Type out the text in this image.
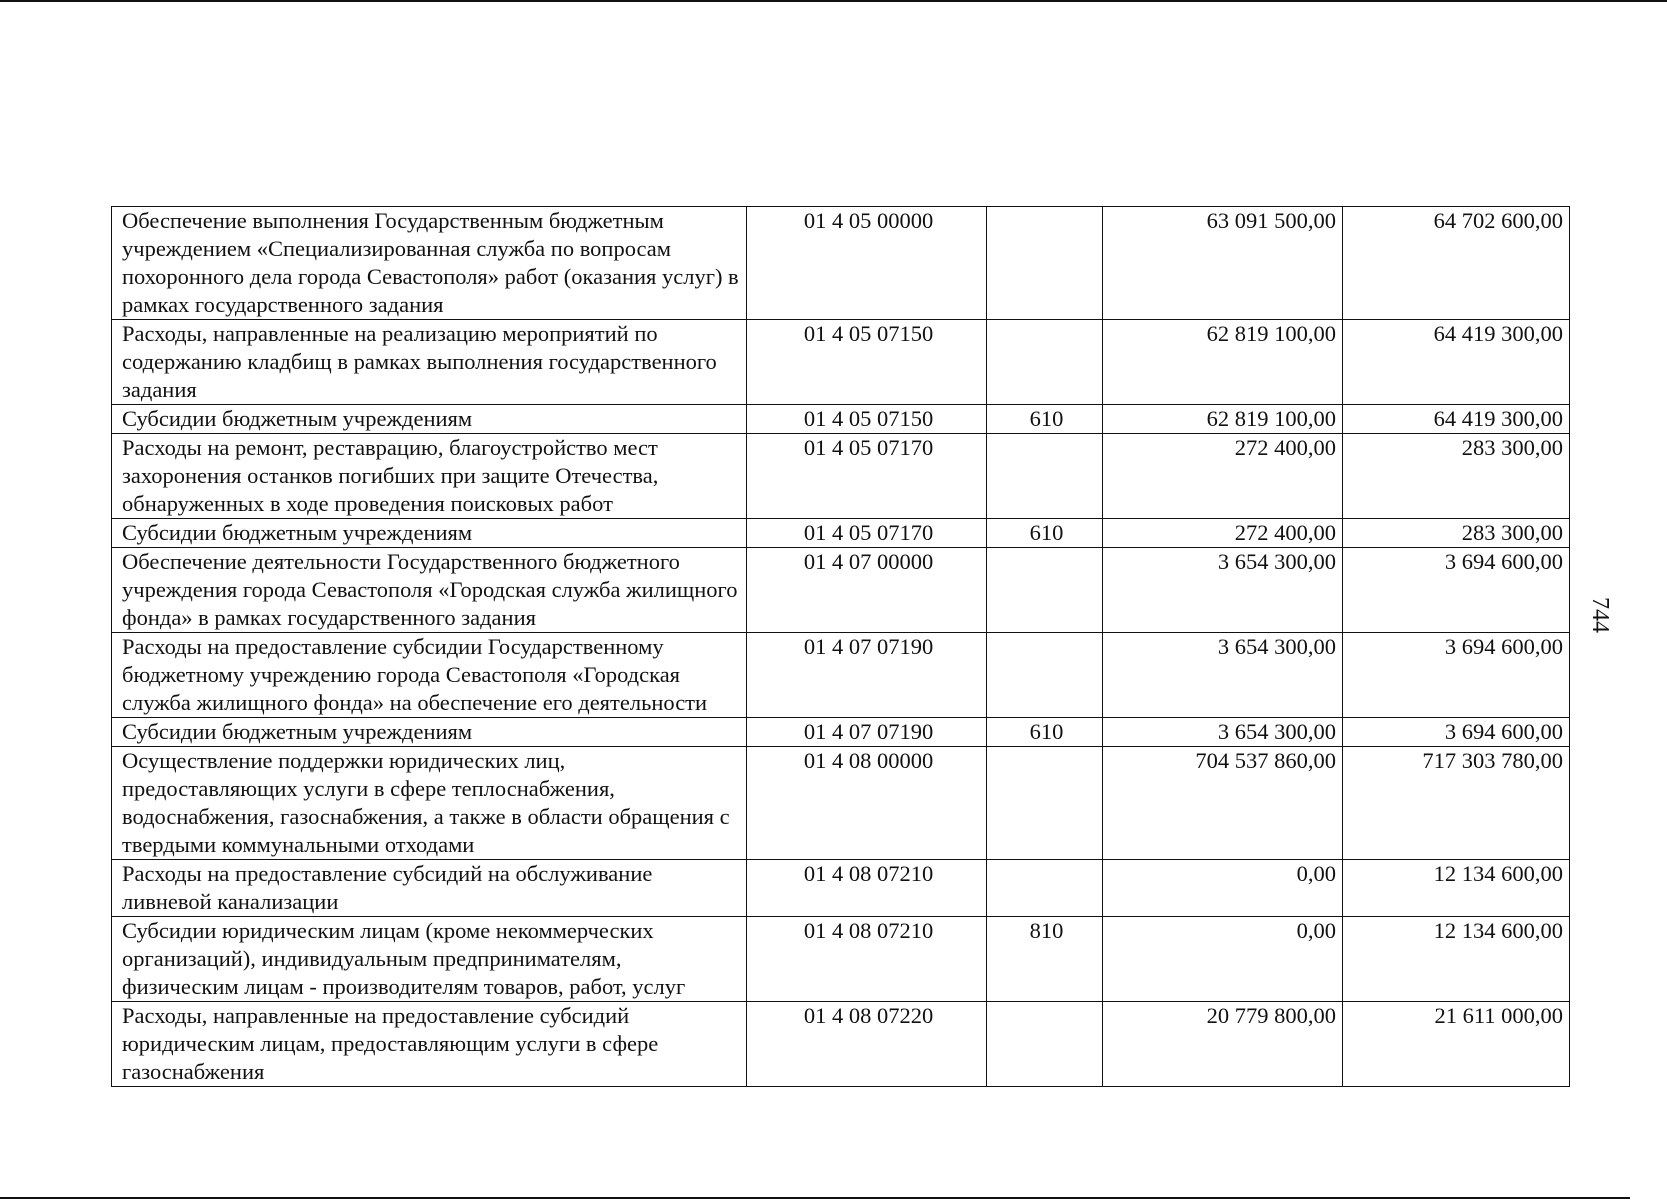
Обеспечение выполнения Государственным бюджетным учреждением «Специализированная служба по вопросам похоронного дела города Севастополя» работ (оказания услуг) в рамках государственного задания	01 4 05 00000		63 091 500,00	64 702 600,00
Расходы, направленные на реализацию мероприятий по содержанию кладбищ в рамках выполнения государственного задания	01 4 05 07150		62 819 100,00	64 419 300,00
Субсидии бюджетным учреждениям	01 4 05 07150	610	62 819 100,00	64 419 300,00
Расходы на ремонт, реставрацию, благоустройство мест захоронения останков погибших при защите Отечества, обнаруженных в ходе проведения поисковых работ	01 4 05 07170		272 400,00	283 300,00
Субсидии бюджетным учреждениям	01 4 05 07170	610	272 400,00	283 300,00
Обеспечение деятельности Государственного бюджетного учреждения города Севастополя «Городская служба жилищного фонда» в рамках государственного задания	01 4 07 00000		3 654 300,00	3 694 600,00
Расходы на предоставление субсидии Государственному бюджетному учреждению города Севастополя «Городская служба жилищного фонда» на обеспечение его деятельности	01 4 07 07190		3 654 300,00	3 694 600,00
Субсидии бюджетным учреждениям	01 4 07 07190	610	3 654 300,00	3 694 600,00
Осуществление поддержки юридических лиц, предоставляющих услуги в сфере теплоснабжения, водоснабжения, газоснабжения, а также в области обращения с твердыми коммунальными отходами	01 4 08 00000		704 537 860,00	717 303 780,00
Расходы на предоставление субсидий на обслуживание ливневой канализации	01 4 08 07210		0,00	12 134 600,00
Субсидии юридическим лицам (кроме некоммерческих организаций), индивидуальным предпринимателям, физическим лицам - производителям товаров, работ, услуг	01 4 08 07210	810	0,00	12 134 600,00
Расходы, направленные на предоставление субсидий юридическим лицам, предоставляющим услуги в сфере газоснабжения	01 4 08 07220		20 779 800,00	21 611 000,00
744
